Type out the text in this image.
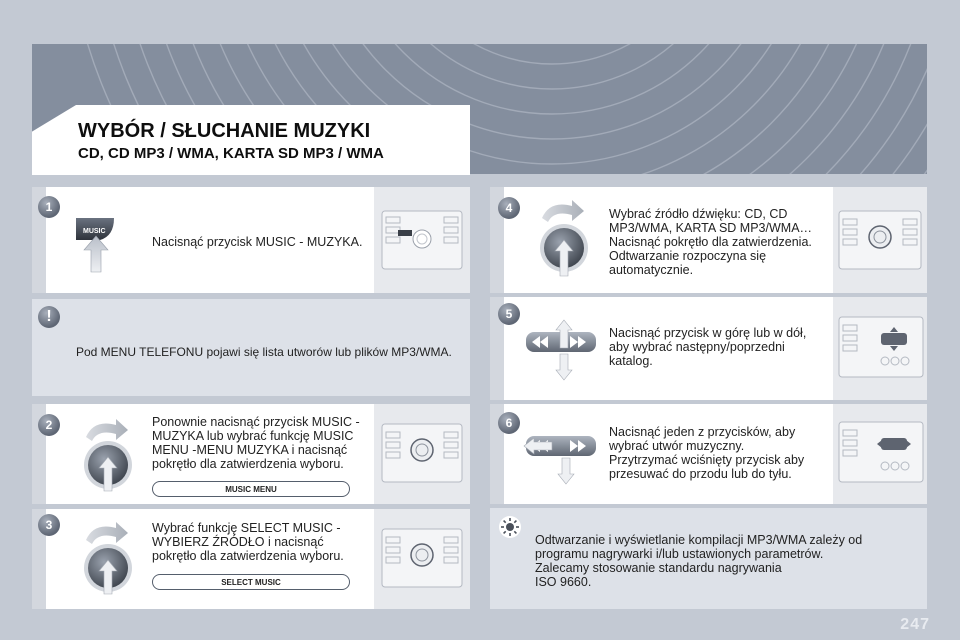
WYBÓR / SŁUCHANIE MUZYKI
CD, CD MP3 / WMA, KARTA SD MP3 / WMA
1
MUSIC
Nacisnąć przycisk MUSIC - MUZYKA.
!
Pod MENU TELEFONU pojawi się lista utworów lub plików MP3/WMA.
2	Ponownie nacisnąć przycisk MUSIC -
MUZYKA lub wybrać funkcję MUSIC
MENU -MENU MUZYKA i nacisnąć
pokrętło dla zatwierdzenia wyboru.
MUSIC MENU
3	Wybrać funkcję SELECT MUSIC -
WYBIERZ ŹRÓDŁO i nacisnąć
pokrętło dla zatwierdzenia wyboru.
SELECT MUSIC
4	Wybrać źródło dźwięku: CD, CD
MP3/WMA, KARTA SD MP3/WMA…
Nacisnąć pokrętło dla zatwierdzenia.
Odtwarzanie rozpoczyna się
automatycznie.
5
Nacisnąć przycisk w górę lub w dół,
aby wybrać następny/poprzedni
katalog.
6
Nacisnąć jeden z przycisków, aby
wybrać utwór muzyczny.
Przytrzymać wciśnięty przycisk aby
przesuwać do przodu lub do tyłu.
Odtwarzanie i wyświetlanie kompilacji MP3/WMA zależy od
programu nagrywarki i/lub ustawionych parametrów.
Zalecamy stosowanie standardu nagrywania
ISO 9660.
247
